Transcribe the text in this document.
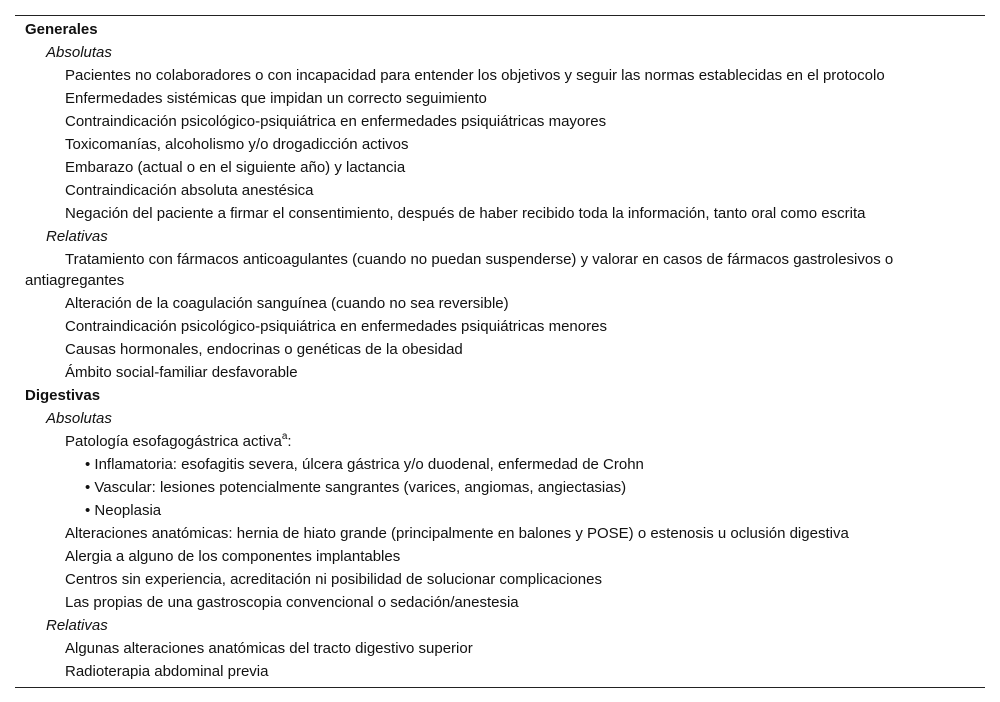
Generales
Absolutas
Pacientes no colaboradores o con incapacidad para entender los objetivos y seguir las normas establecidas en el protocolo
Enfermedades sistémicas que impidan un correcto seguimiento
Contraindicación psicológico-psiquiátrica en enfermedades psiquiátricas mayores
Toxicomanías, alcoholismo y/o drogadicción activos
Embarazo (actual o en el siguiente año) y lactancia
Contraindicación absoluta anestésica
Negación del paciente a firmar el consentimiento, después de haber recibido toda la información, tanto oral como escrita
Relativas
Tratamiento con fármacos anticoagulantes (cuando no puedan suspenderse) y valorar en casos de fármacos gastrolesivos o antiagregantes
Alteración de la coagulación sanguínea (cuando no sea reversible)
Contraindicación psicológico-psiquiátrica en enfermedades psiquiátricas menores
Causas hormonales, endocrinas o genéticas de la obesidad
Ámbito social-familiar desfavorable
Digestivas
Absolutas
Patología esofagogástrica activa$^a$:
• Inflamatoria: esofagitis severa, úlcera gástrica y/o duodenal, enfermedad de Crohn
• Vascular: lesiones potencialmente sangrantes (varices, angiomas, angiectasias)
• Neoplasia
Alteraciones anatómicas: hernia de hiato grande (principalmente en balones y POSE) o estenosis u oclusión digestiva
Alergia a alguno de los componentes implantables
Centros sin experiencia, acreditación ni posibilidad de solucionar complicaciones
Las propias de una gastroscopia convencional o sedación/anestesia
Relativas
Algunas alteraciones anatómicas del tracto digestivo superior
Radioterapia abdominal previa
